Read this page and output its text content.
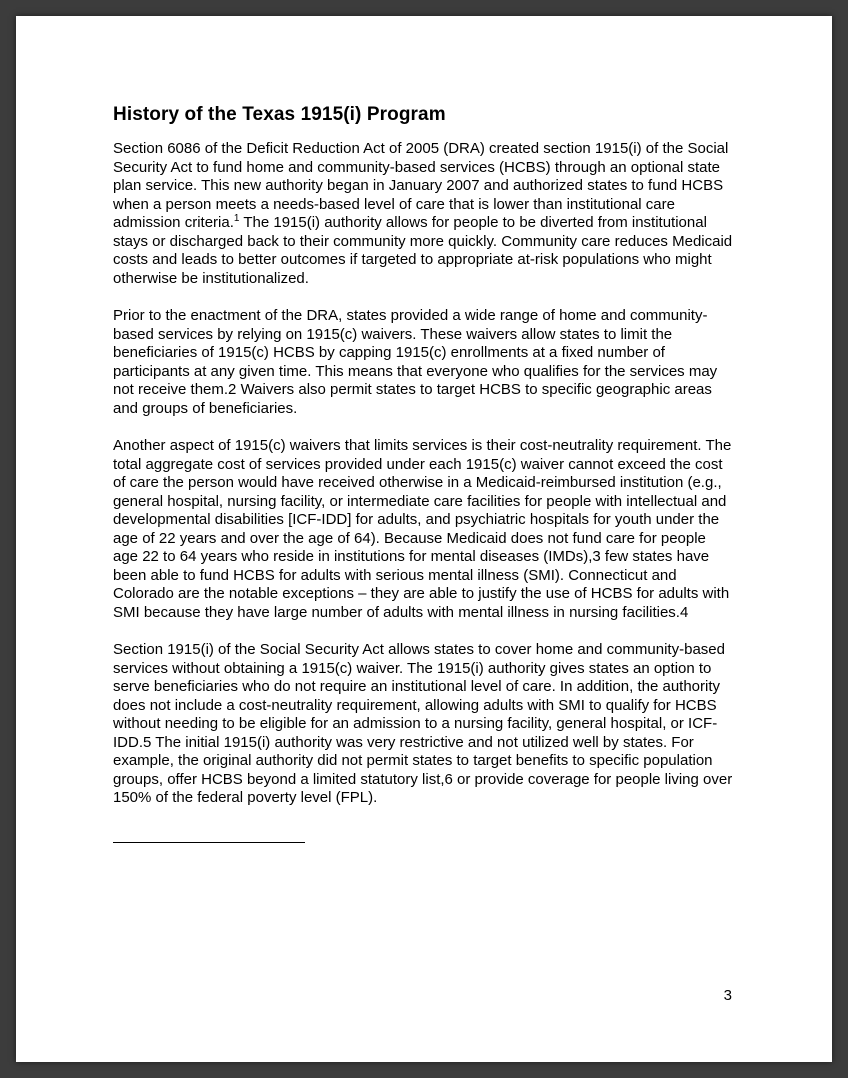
History of the Texas 1915(i) Program

Section 6086 of the Deficit Reduction Act of 2005 (DRA) created section 1915(i) of the Social Security Act to fund home and community-based services (HCBS) through an optional state plan service. This new authority began in January 2007 and authorized states to fund HCBS when a person meets a needs-based level of care that is lower than institutional care admission criteria.$^1$ The 1915(i) authority allows for people to be diverted from institutional stays or discharged back to their community more quickly. Community care reduces Medicaid costs and leads to better outcomes if targeted to appropriate at-risk populations who might otherwise be institutionalized.

Prior to the enactment of the DRA, states provided a wide range of home and community-based services by relying on 1915(c) waivers. These waivers allow states to limit the beneficiaries of 1915(c) HCBS by capping 1915(c) enrollments at a fixed number of participants at any given time. This means that everyone who qualifies for the services may not receive them.2 Waivers also permit states to target HCBS to specific geographic areas and groups of beneficiaries.

Another aspect of 1915(c) waivers that limits services is their cost-neutrality requirement. The total aggregate cost of services provided under each 1915(c) waiver cannot exceed the cost of care the person would have received otherwise in a Medicaid-reimbursed institution (e.g., general hospital, nursing facility, or intermediate care facilities for people with intellectual and developmental disabilities [ICF-IDD] for adults, and psychiatric hospitals for youth under the age of 22 years and over the age of 64). Because Medicaid does not fund care for people age 22 to 64 years who reside in institutions for mental diseases (IMDs),3 few states have been able to fund HCBS for adults with serious mental illness (SMI). Connecticut and Colorado are the notable exceptions – they are able to justify the use of HCBS for adults with SMI because they have large number of adults with mental illness in nursing facilities.4

Section 1915(i) of the Social Security Act allows states to cover home and community-based services without obtaining a 1915(c) waiver. The 1915(i) authority gives states an option to serve beneficiaries who do not require an institutional level of care. In addition, the authority does not include a cost-neutrality requirement, allowing adults with SMI to qualify for HCBS without needing to be eligible for an admission to a nursing facility, general hospital, or ICF-IDD.5 The initial 1915(i) authority was very restrictive and not utilized well by states. For example, the original authority did not permit states to target benefits to specific population groups, offer HCBS beyond a limited statutory list,6 or provide coverage for people living over 150% of the federal poverty level (FPL).

3
